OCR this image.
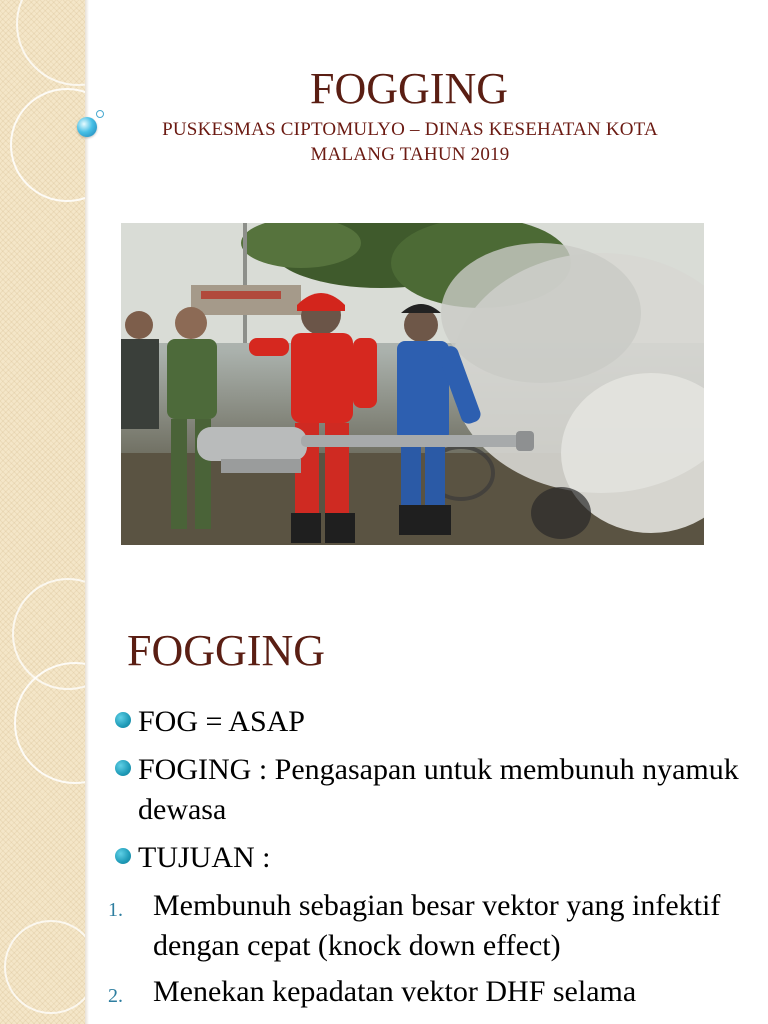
FOGGING
PUSKESMAS CIPTOMULYO – DINAS KESEHATAN KOTA MALANG TAHUN 2019
FOGGING
FOG = ASAP
FOGING : Pengasapan untuk membunuh nyamuk dewasa
TUJUAN :
1. Membunuh sebagian besar vektor yang infektif dengan cepat (knock down effect)
2. Menekan kepadatan vektor DHF selama
